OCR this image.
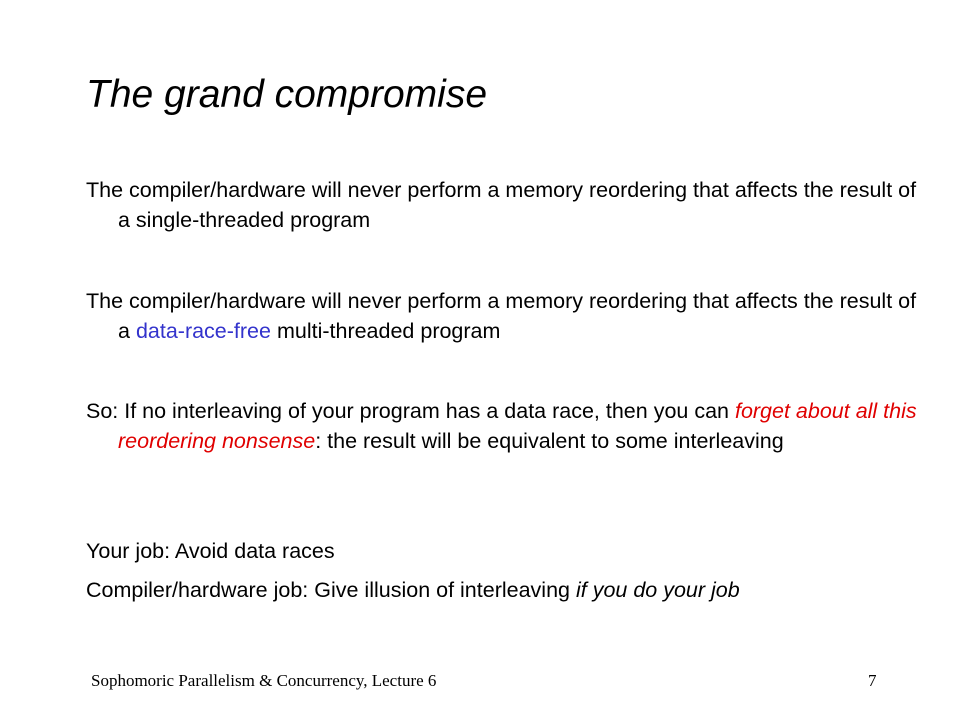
The grand compromise
The compiler/hardware will never perform a memory reordering that affects the result of a single-threaded program
The compiler/hardware will never perform a memory reordering that affects the result of a data-race-free multi-threaded program
So: If no interleaving of your program has a data race, then you can forget about all this reordering nonsense: the result will be equivalent to some interleaving
Your job: Avoid data races
Compiler/hardware job: Give illusion of interleaving if you do your job
Sophomoric Parallelism & Concurrency, Lecture 6	7
